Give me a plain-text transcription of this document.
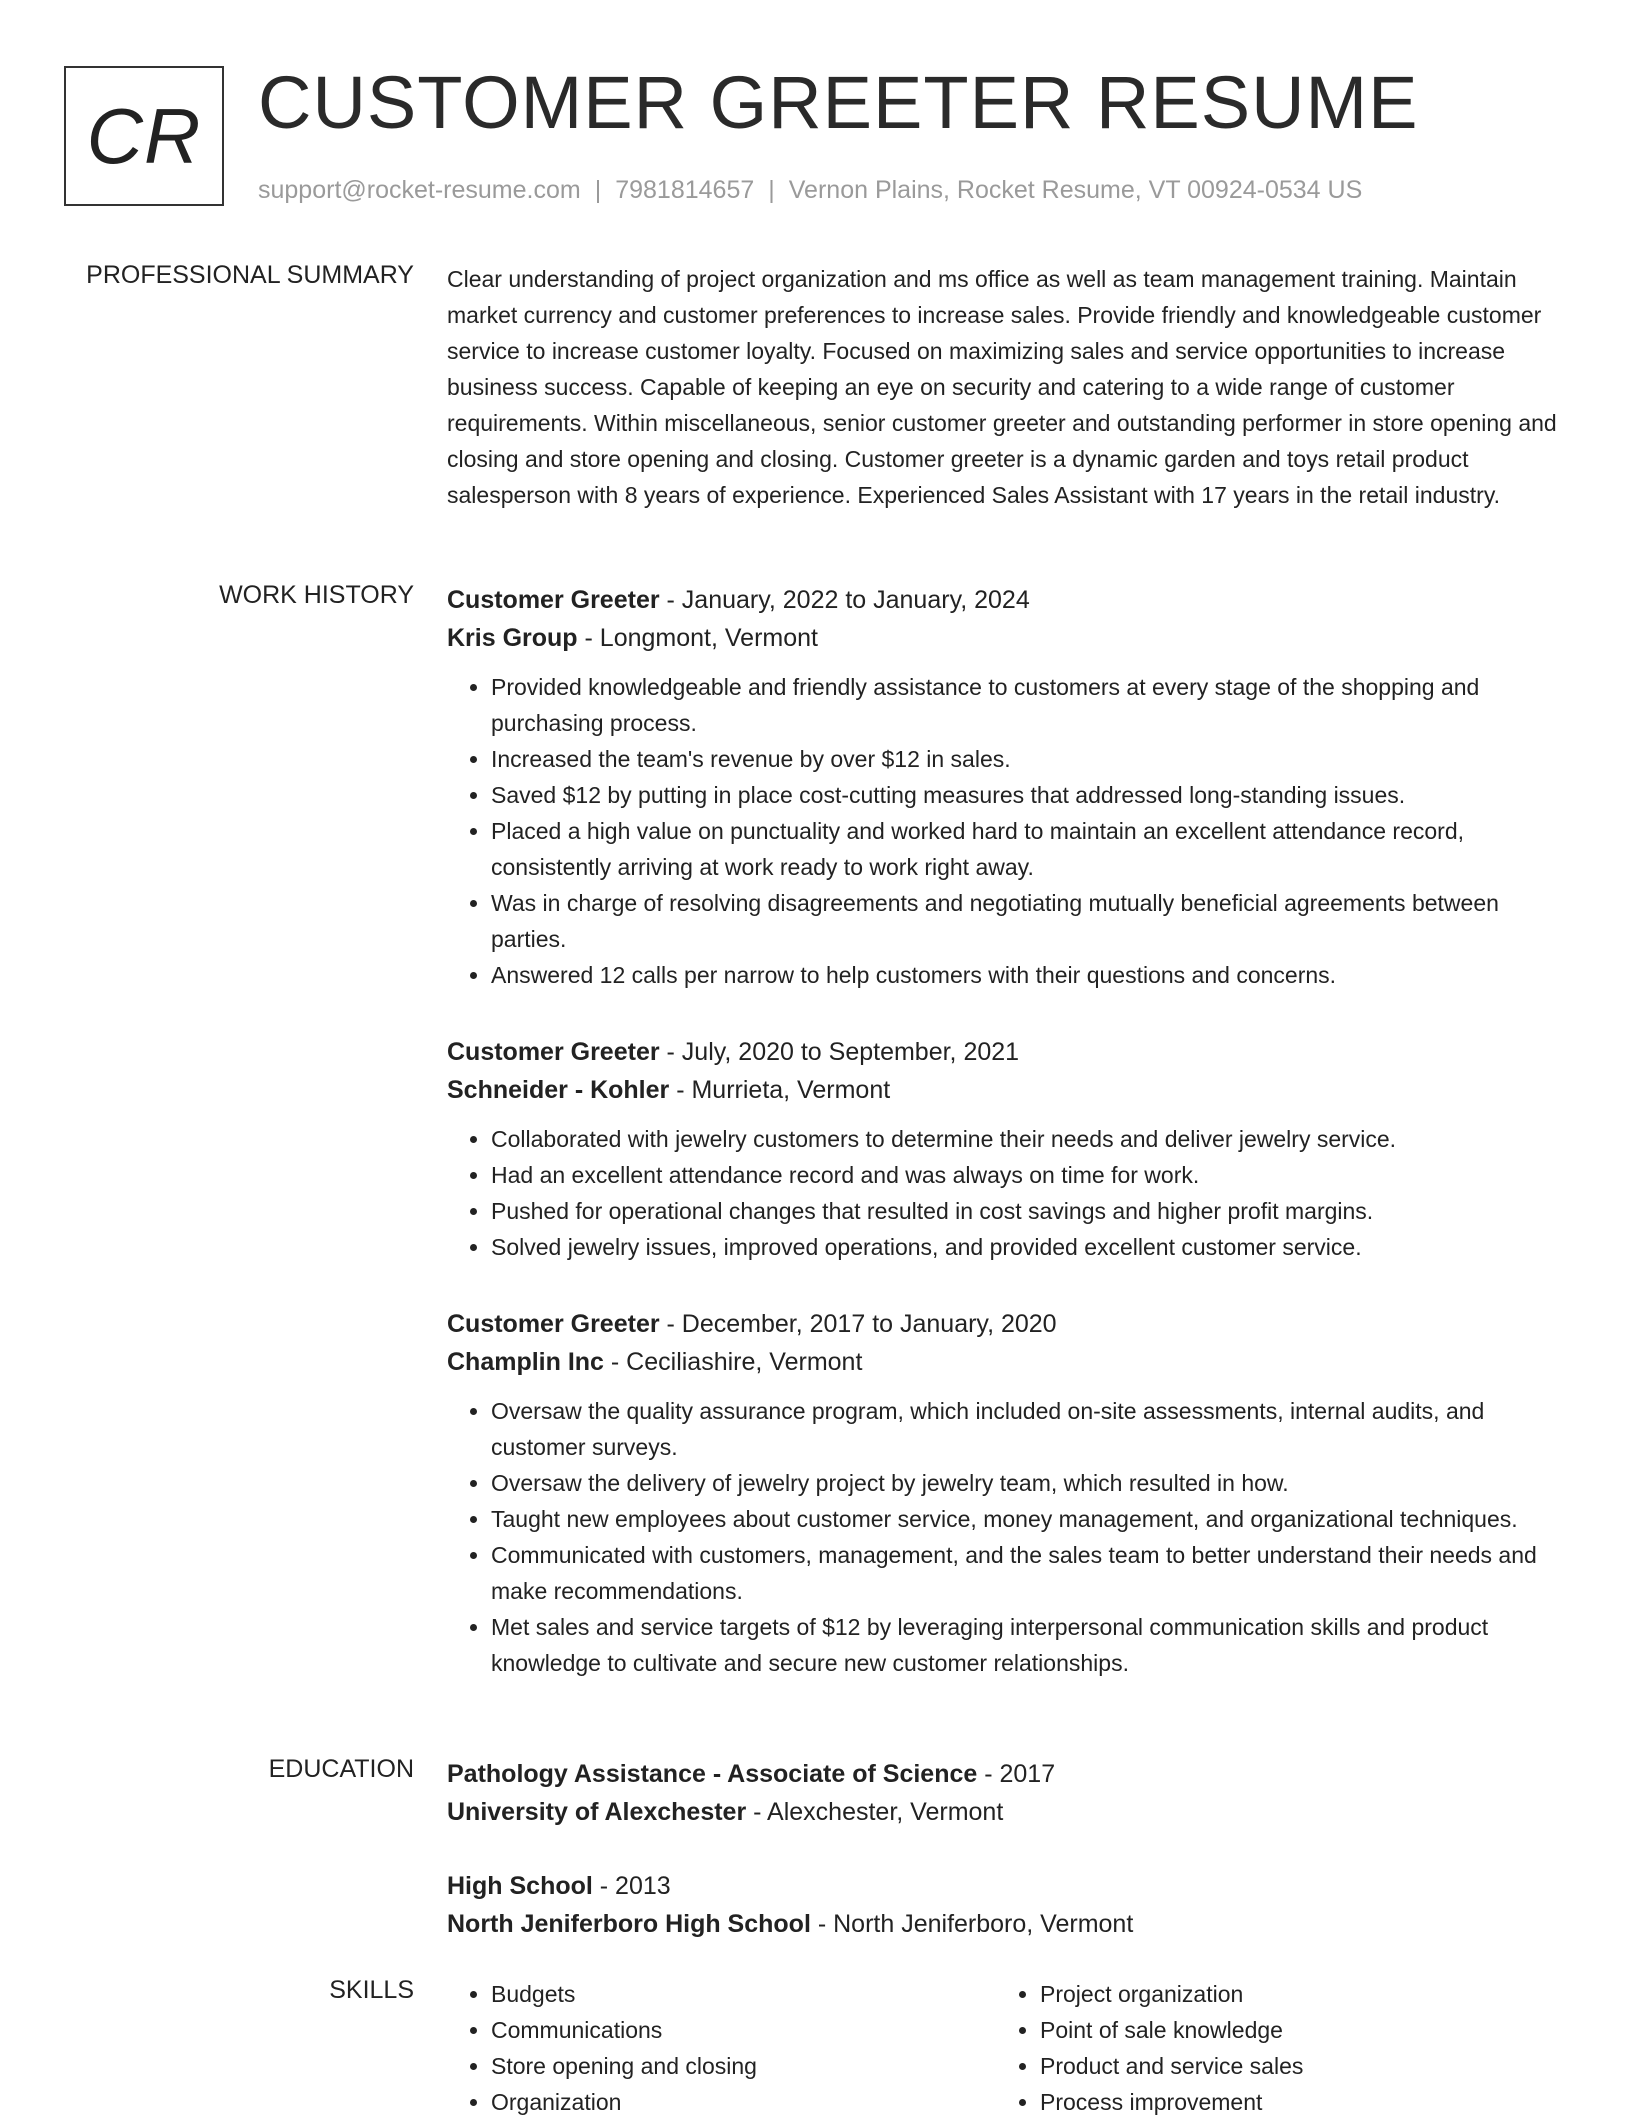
CR CUSTOMER GREETER RESUME
support@rocket-resume.com | 7981814657 | Vernon Plains, Rocket Resume, VT 00924-0534 US
PROFESSIONAL SUMMARY Clear understanding of project organization and ms office as well as team management training. Maintain market currency and customer preferences to increase sales. Provide friendly and knowledgeable customer service to increase customer loyalty. Focused on maximizing sales and service opportunities to increase business success. Capable of keeping an eye on security and catering to a wide range of customer requirements. Within miscellaneous, senior customer greeter and outstanding performer in store opening and closing and store opening and closing. Customer greeter is a dynamic garden and toys retail product salesperson with 8 years of experience. Experienced Sales Assistant with 17 years in the retail industry.

WORK HISTORY Customer Greeter - January, 2022 to January, 2024
Kris Group - Longmont, Vermont
• Provided knowledgeable and friendly assistance to customers at every stage of the shopping and purchasing process.
• Increased the team's revenue by over $12 in sales.
• Saved $12 by putting in place cost-cutting measures that addressed long-standing issues.
• Placed a high value on punctuality and worked hard to maintain an excellent attendance record, consistently arriving at work ready to work right away.
• Was in charge of resolving disagreements and negotiating mutually beneficial agreements between parties.
• Answered 12 calls per narrow to help customers with their questions and concerns.
Customer Greeter - July, 2020 to September, 2021
Schneider - Kohler - Murrieta, Vermont
• Collaborated with jewelry customers to determine their needs and deliver jewelry service.
• Had an excellent attendance record and was always on time for work.
• Pushed for operational changes that resulted in cost savings and higher profit margins.
• Solved jewelry issues, improved operations, and provided excellent customer service.
Customer Greeter - December, 2017 to January, 2020
Champlin Inc - Ceciliashire, Vermont
• Oversaw the quality assurance program, which included on-site assessments, internal audits, and customer surveys.
• Oversaw the delivery of jewelry project by jewelry team, which resulted in how.
• Taught new employees about customer service, money management, and organizational techniques.
• Communicated with customers, management, and the sales team to better understand their needs and make recommendations.
• Met sales and service targets of $12 by leveraging interpersonal communication skills and product knowledge to cultivate and secure new customer relationships.
EDUCATION Pathology Assistance - Associate of Science - 2017
University of Alexchester - Alexchester, Vermont
High School - 2013
North Jeniferboro High School - North Jeniferboro, Vermont
SKILLS
•	Budgets
• Communications
• Store opening and closing
• Organization
• Project organization
• Point of sale knowledge
• Product and service sales
• Process improvement
